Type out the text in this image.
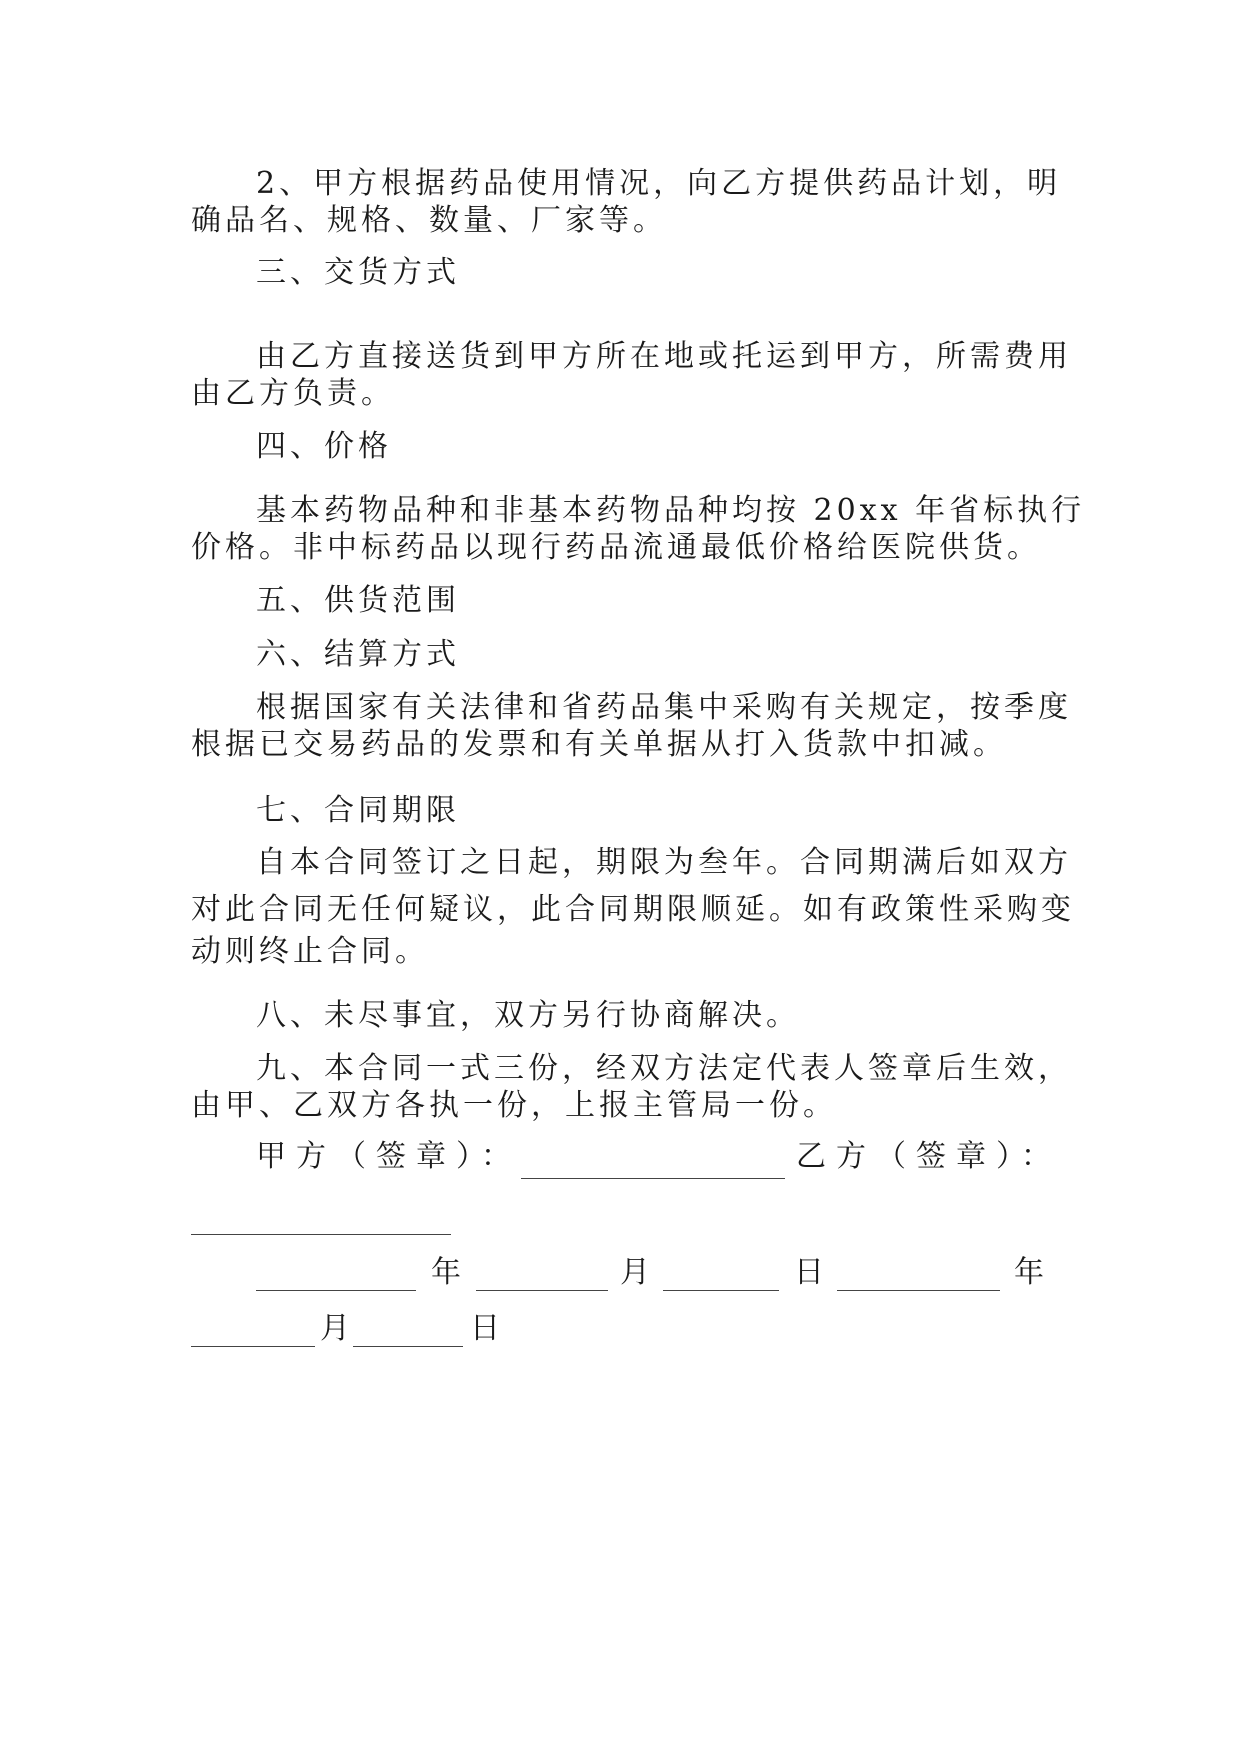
2、甲方根据药品使用情况，向乙方提供药品计划，明
确品名、规格、数量、厂家等。
三、交货方式
由乙方直接送货到甲方所在地或托运到甲方，所需费用
由乙方负责。
四、价格
基本药物品种和非基本药物品种均按 20xx 年省标执行
价格。非中标药品以现行药品流通最低价格给医院供货。
五、供货范围
六、结算方式
根据国家有关法律和省药品集中采购有关规定，按季度
根据已交易药品的发票和有关单据从打入货款中扣减。
七、合同期限
自本合同签订之日起，期限为叁年。合同期满后如双方
对此合同无任何疑议，此合同期限顺延。如有政策性采购变
动则终止合同。
八、未尽事宜，双方另行协商解决。
九、本合同一式三份，经双方法定代表人签章后生效，
由甲、乙双方各执一份，上报主管局一份。
甲方（签章）：	乙方（签章）：
年	月	日	年
月	日
